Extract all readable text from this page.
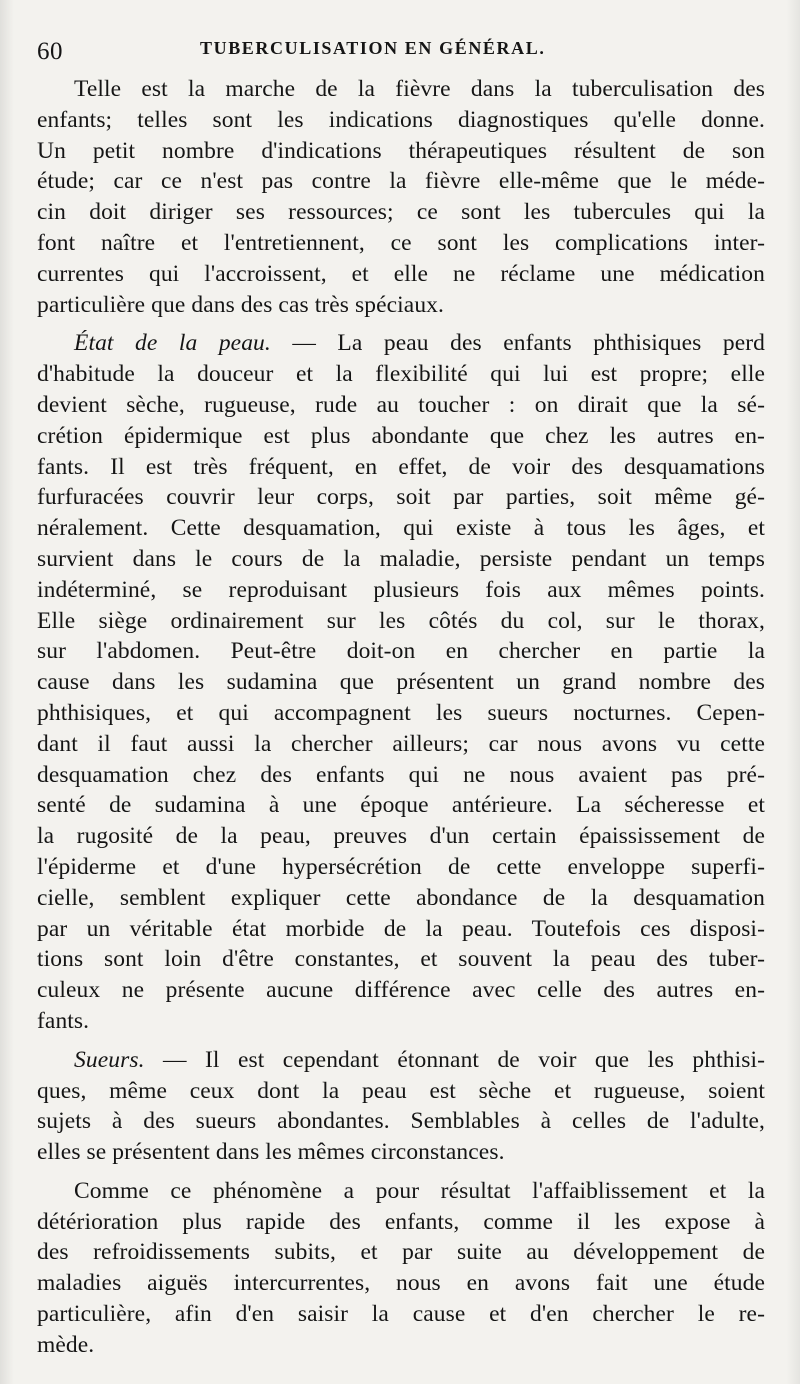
60	TUBERCULISATION EN GÉNÉRAL.
Telle est la marche de la fièvre dans la tuberculisation des
enfants; telles sont les indications diagnostiques qu'elle donne.
Un petit nombre d'indications thérapeutiques résultent de son
étude; car ce n'est pas contre la fièvre elle-même que le méde-
cin doit diriger ses ressources; ce sont les tubercules qui la
font naître et l'entretiennent, ce sont les complications inter-
currentes qui l'accroissent, et elle ne réclame une médication
particulière que dans des cas très spéciaux.
État de la peau. — La peau des enfants phthisiques perd
d'habitude la douceur et la flexibilité qui lui est propre; elle
devient sèche, rugueuse, rude au toucher : on dirait que la sé-
crétion épidermique est plus abondante que chez les autres en-
fants. Il est très fréquent, en effet, de voir des desquamations
furfuracées couvrir leur corps, soit par parties, soit même gé-
néralement. Cette desquamation, qui existe à tous les âges, et
survient dans le cours de la maladie, persiste pendant un temps
indéterminé, se reproduisant plusieurs fois aux mêmes points.
Elle siège ordinairement sur les côtés du col, sur le thorax,
sur l'abdomen. Peut-être doit-on en chercher en partie la
cause dans les sudamina que présentent un grand nombre des
phthisiques, et qui accompagnent les sueurs nocturnes. Cepen-
dant il faut aussi la chercher ailleurs; car nous avons vu cette
desquamation chez des enfants qui ne nous avaient pas pré-
senté de sudamina à une époque antérieure. La sécheresse et
la rugosité de la peau, preuves d'un certain épaississement de
l'épiderme et d'une hypersécrétion de cette enveloppe superfi-
cielle, semblent expliquer cette abondance de la desquamation
par un véritable état morbide de la peau. Toutefois ces disposi-
tions sont loin d'être constantes, et souvent la peau des tuber-
culeux ne présente aucune différence avec celle des autres en-
fants.
Sueurs. — Il est cependant étonnant de voir que les phthisi-
ques, même ceux dont la peau est sèche et rugueuse, soient
sujets à des sueurs abondantes. Semblables à celles de l'adulte,
elles se présentent dans les mêmes circonstances.
Comme ce phénomène a pour résultat l'affaiblissement et la
détérioration plus rapide des enfants, comme il les expose à
des refroidissements subits, et par suite au développement de
maladies aiguës intercurrentes, nous en avons fait une étude
particulière, afin d'en saisir la cause et d'en chercher le re-
mède.
